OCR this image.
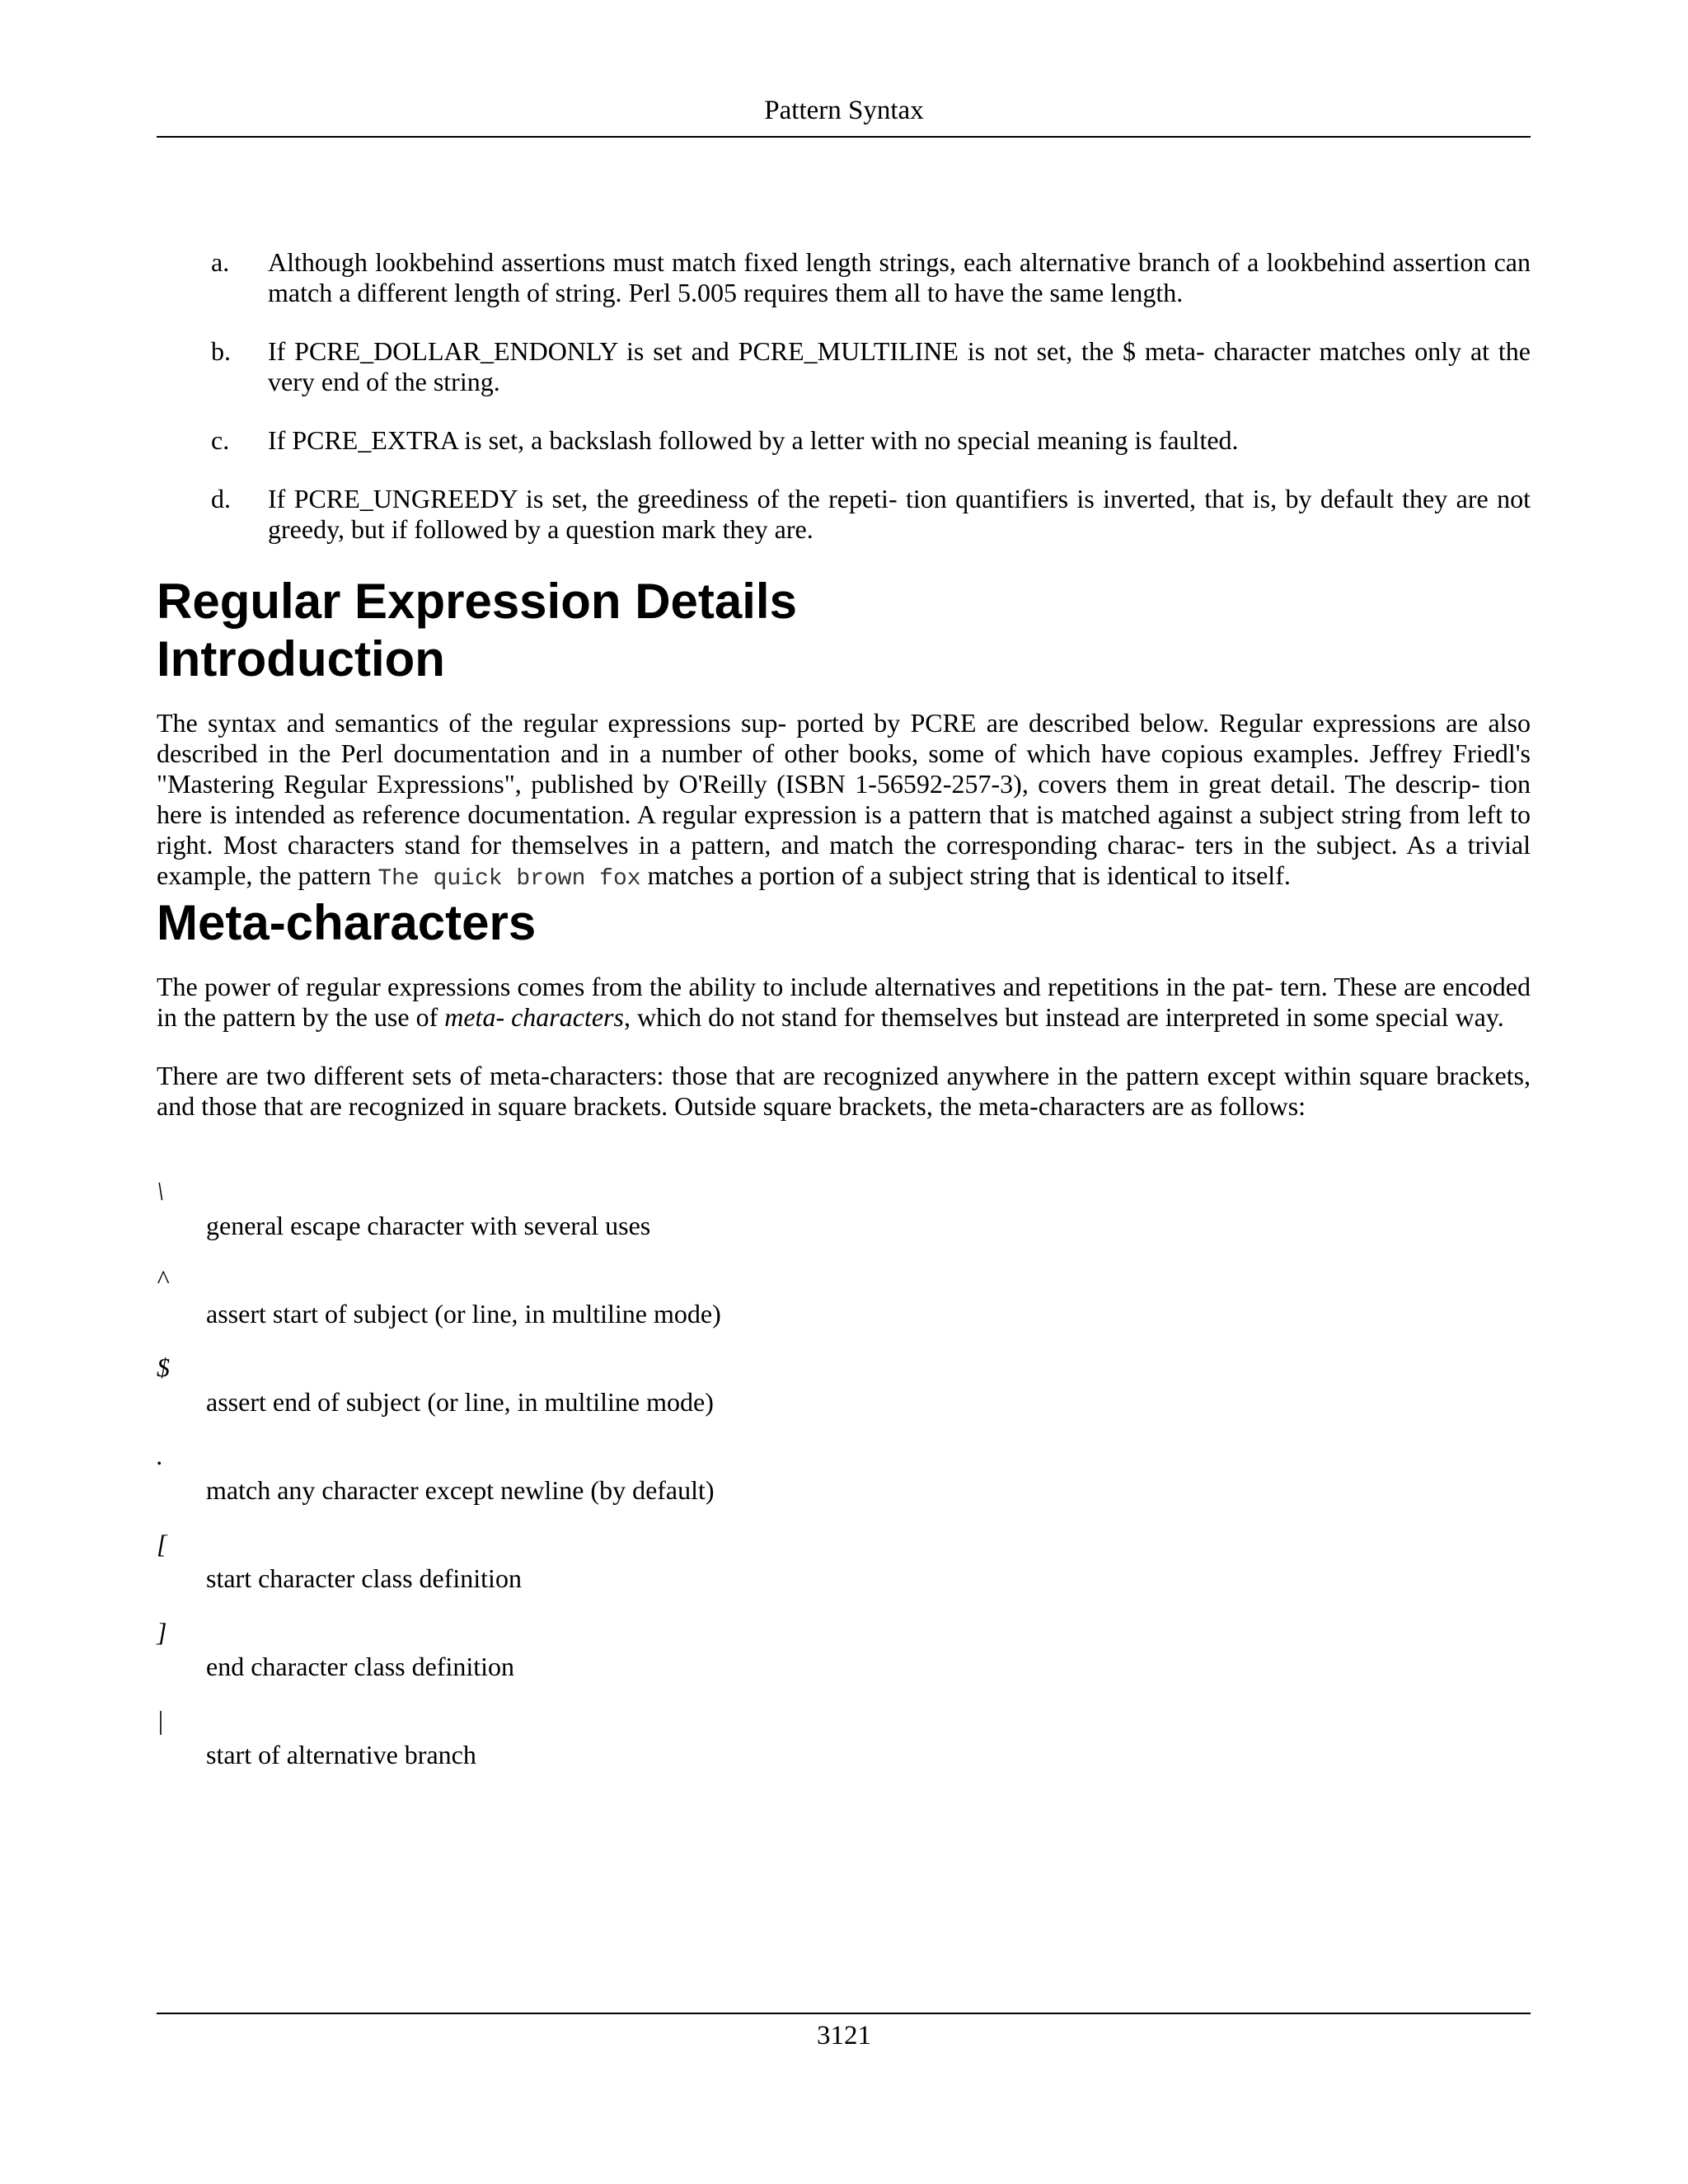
Pattern Syntax
a. Although lookbehind assertions must match fixed length strings, each alternative branch of a lookbehind assertion can match a different length of string. Perl 5.005 requires them all to have the same length.
b. If PCRE_DOLLAR_ENDONLY is set and PCRE_MULTILINE is not set, the $ meta- character matches only at the very end of the string.
c. If PCRE_EXTRA is set, a backslash followed by a letter with no special meaning is faulted.
d. If PCRE_UNGREEDY is set, the greediness of the repeti- tion quantifiers is inverted, that is, by default they are not greedy, but if followed by a question mark they are.
Regular Expression Details
Introduction

The syntax and semantics of the regular expressions sup- ported by PCRE are described below. Regular expressions are also described in the Perl documentation and in a number of other books, some of which have copious examples. Jeffrey Friedl's "Mastering Regular Expressions", published by O'Reilly (ISBN 1-56592-257-3), covers them in great detail. The descrip- tion here is intended as reference documentation. A regular expression is a pattern that is matched against a subject string from left to right. Most characters stand for themselves in a pattern, and match the corresponding charac- ters in the subject. As a trivial example, the pattern The quick brown fox matches a portion of a subject string that is identical to itself.

Meta-characters

The power of regular expressions comes from the ability to include alternatives and repetitions in the pat- tern. These are encoded in the pattern by the use of meta- characters, which do not stand for themselves but instead are interpreted in some special way.

There are two different sets of meta-characters: those that are recognized anywhere in the pattern except within square brackets, and those that are recognized in square brackets. Outside square brackets, the meta-characters are as follows:

\
general escape character with several uses
^
assert start of subject (or line, in multiline mode)
$
assert end of subject (or line, in multiline mode)
.
match any character except newline (by default)
[
start character class definition
]
end character class definition
|
start of alternative branch
3121
